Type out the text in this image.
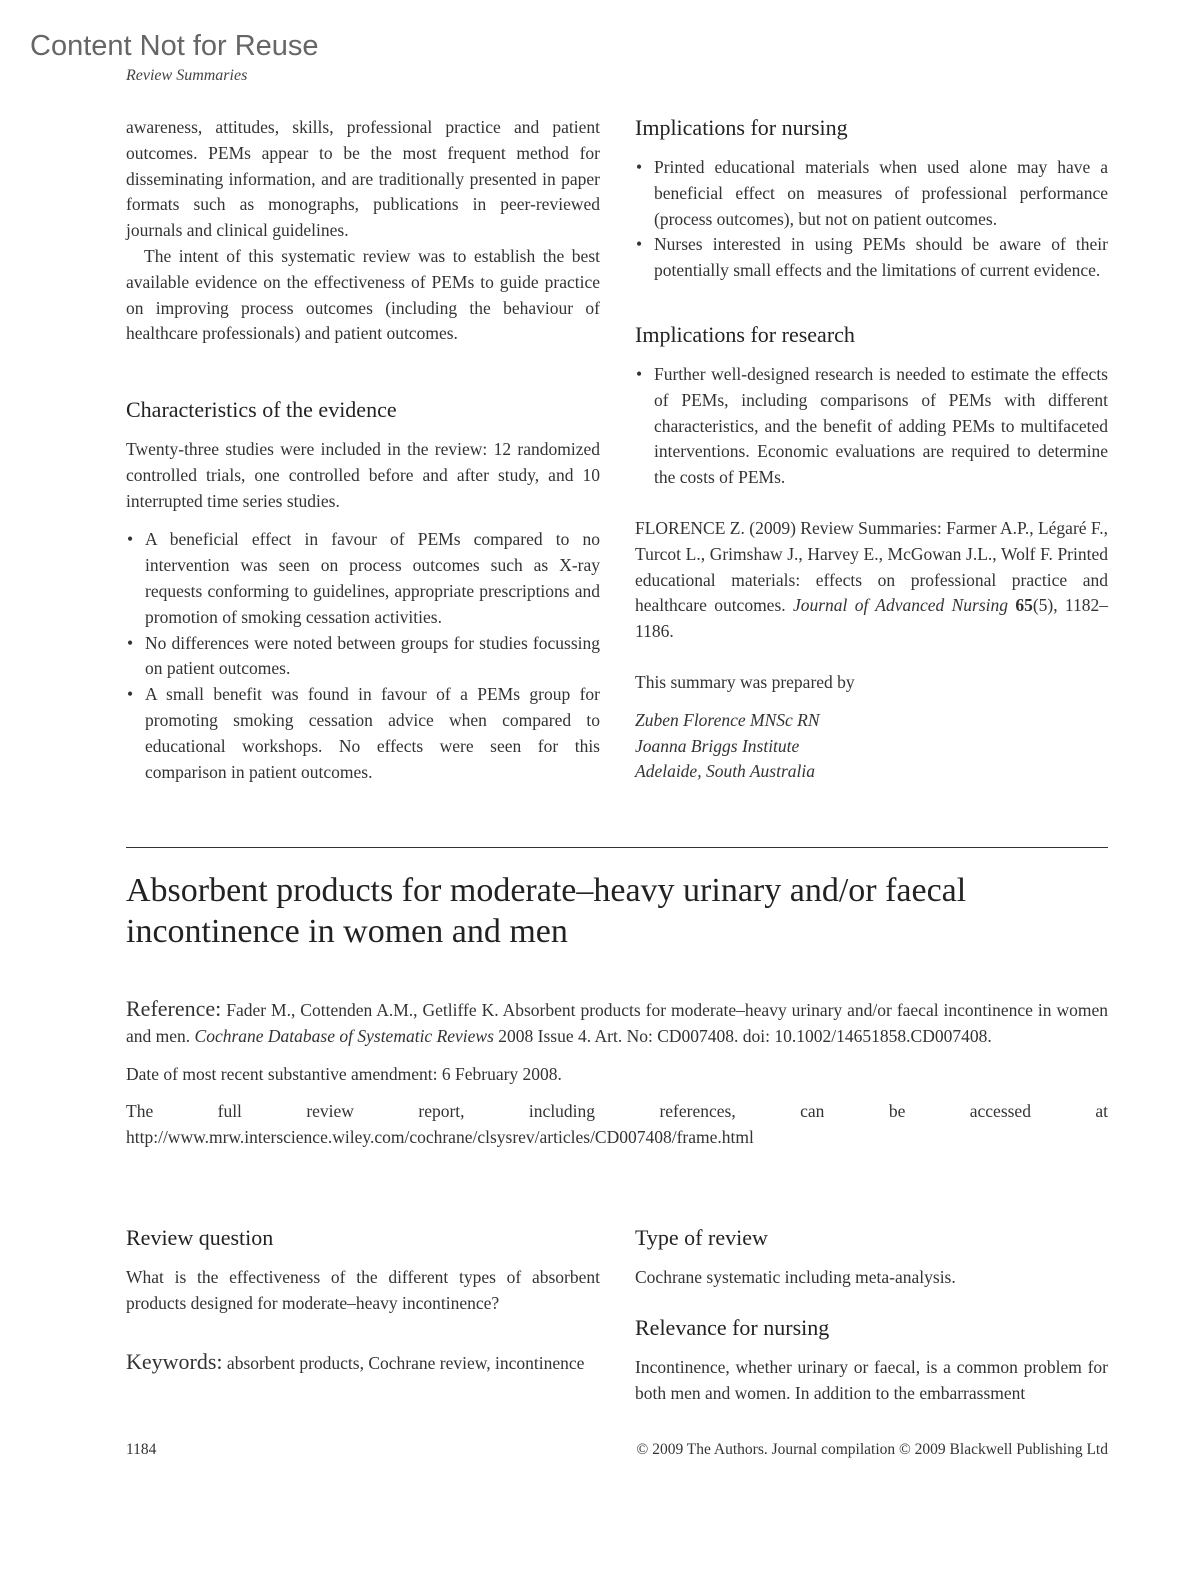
Content Not for Reuse
Review Summaries

awareness, attitudes, skills, professional practice and patient outcomes. PEMs appear to be the most frequent method for disseminating information, and are traditionally presented in paper formats such as monographs, publications in peer-reviewed journals and clinical guidelines.

The intent of this systematic review was to establish the best available evidence on the effectiveness of PEMs to guide practice on improving process outcomes (including the behaviour of healthcare professionals) and patient outcomes.

Characteristics of the evidence

Twenty-three studies were included in the review: 12 randomized controlled trials, one controlled before and after study, and 10 interrupted time series studies.

• A beneficial effect in favour of PEMs compared to no intervention was seen on process outcomes such as X-ray requests conforming to guidelines, appropriate prescriptions and promotion of smoking cessation activities.
• No differences were noted between groups for studies focussing on patient outcomes.
• A small benefit was found in favour of a PEMs group for promoting smoking cessation advice when compared to educational workshops. No effects were seen for this comparison in patient outcomes.
Implications for nursing
• Printed educational materials when used alone may have a beneficial effect on measures of professional performance (process outcomes), but not on patient outcomes.
• Nurses interested in using PEMs should be aware of their potentially small effects and the limitations of current evidence.
Implications for research
• Further well-designed research is needed to estimate the effects of PEMs, including comparisons of PEMs with different characteristics, and the benefit of adding PEMs to multifaceted interventions. Economic evaluations are required to determine the costs of PEMs.

FLORENCE Z. (2009) Review Summaries: Farmer A.P., Légaré F., Turcot L., Grimshaw J., Harvey E., McGowan J.L., Wolf F. Printed educational materials: effects on professional practice and healthcare outcomes. Journal of Advanced Nursing 65(5), 1182–1186.

This summary was prepared by

Zuben Florence MNSc RN

Joanna Briggs Institute

Adelaide, South Australia

Absorbent products for moderate–heavy urinary and/or faecal incontinence in women and men

Reference: Fader M., Cottenden A.M., Getliffe K. Absorbent products for moderate–heavy urinary and/or faecal incontinence in women and men. Cochrane Database of Systematic Reviews 2008 Issue 4. Art. No: CD007408. doi: 10.1002/14651858.CD007408.

Date of most recent substantive amendment: 6 February 2008.

The full review report, including references, can be accessed at http://www.mrw.interscience.wiley.com/cochrane/clsysrev/articles/CD007408/frame.html

Review question

What is the effectiveness of the different types of absorbent products designed for moderate–heavy incontinence?

Keywords: absorbent products, Cochrane review, incontinence

Type of review

Cochrane systematic including meta-analysis.

Relevance for nursing

Incontinence, whether urinary or faecal, is a common problem for both men and women. In addition to the embarrassment

1184	© 2009 The Authors. Journal compilation © 2009 Blackwell Publishing Ltd
